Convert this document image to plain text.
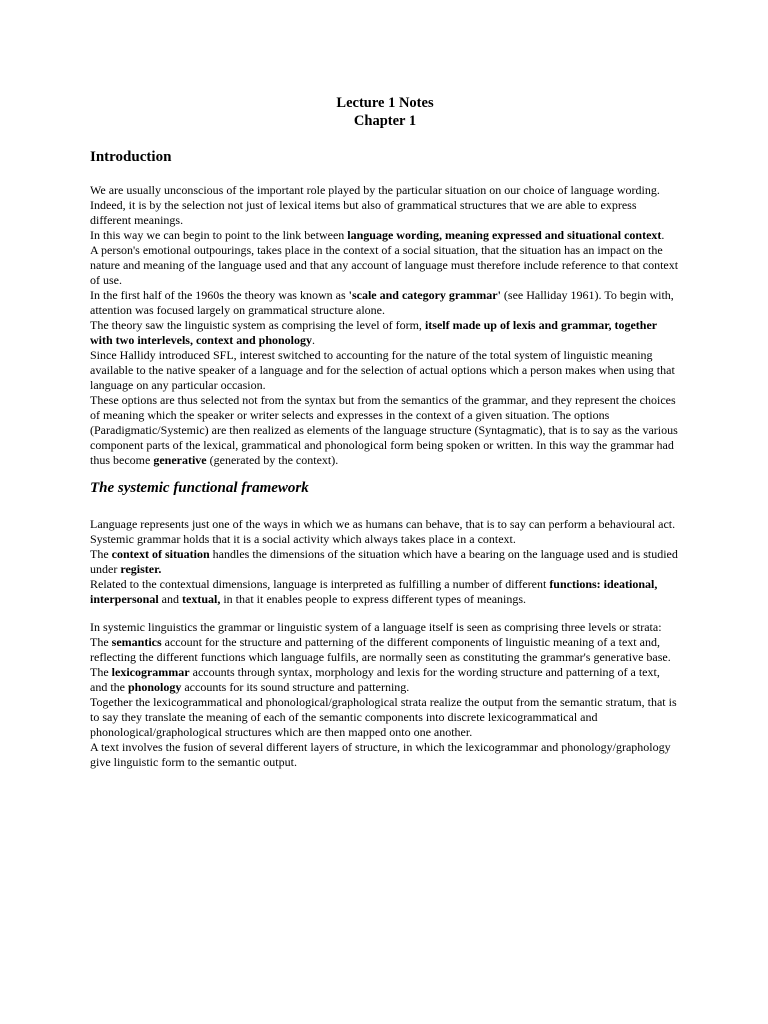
Lecture 1 Notes
Chapter 1
Introduction

We are usually unconscious of the important role played by the particular situation on our choice of language wording.

Indeed, it is by the selection not just of lexical items but also of grammatical structures that we are able to express different meanings.

In this way we can begin to point to the link between language wording, meaning expressed and situational context.

A person's emotional outpourings, takes place in the context of a social situation, that the situation has an impact on the nature and meaning of the language used and that any account of language must therefore include reference to that context of use.

In the first half of the 1960s the theory was known as 'scale and category grammar' (see Halliday 1961). To begin with, attention was focused largely on grammatical structure alone.

The theory saw the linguistic system as comprising the level of form, itself made up of lexis and grammar, together with two interlevels, context and phonology.

Since Hallidy introduced SFL, interest switched to accounting for the nature of the total system of linguistic meaning available to the native speaker of a language and for the selection of actual options which a person makes when using that language on any particular occasion.

These options are thus selected not from the syntax but from the semantics of the grammar, and they represent the choices of meaning which the speaker or writer selects and expresses in the context of a given situation. The options (Paradigmatic/Systemic) are then realized as elements of the language structure (Syntagmatic), that is to say as the various component parts of the lexical, grammatical and phonological form being spoken or written. In this way the grammar had thus become generative (generated by the context).

The systemic functional framework

Language represents just one of the ways in which we as humans can behave, that is to say can perform a behavioural act.

Systemic grammar holds that it is a social activity which always takes place in a context.

The context of situation handles the dimensions of the situation which have a bearing on the language used and is studied under register.

Related to the contextual dimensions, language is interpreted as fulfilling a number of different functions: ideational, interpersonal and textual, in that it enables people to express different types of meanings.

In systemic linguistics the grammar or linguistic system of a language itself is seen as comprising three levels or strata:

The semantics account for the structure and patterning of the different components of linguistic meaning of a text and, reflecting the different functions which language fulfils, are normally seen as constituting the grammar's generative base.

The lexicogrammar accounts through syntax, morphology and lexis for the wording structure and patterning of a text, and the phonology accounts for its sound structure and patterning.

Together the lexicogrammatical and phonological/graphological strata realize the output from the semantic stratum, that is to say they translate the meaning of each of the semantic components into discrete lexicogrammatical and phonological/graphological structures which are then mapped onto one another.

A text involves the fusion of several different layers of structure, in which the lexicogrammar and phonology/graphology give linguistic form to the semantic output.
